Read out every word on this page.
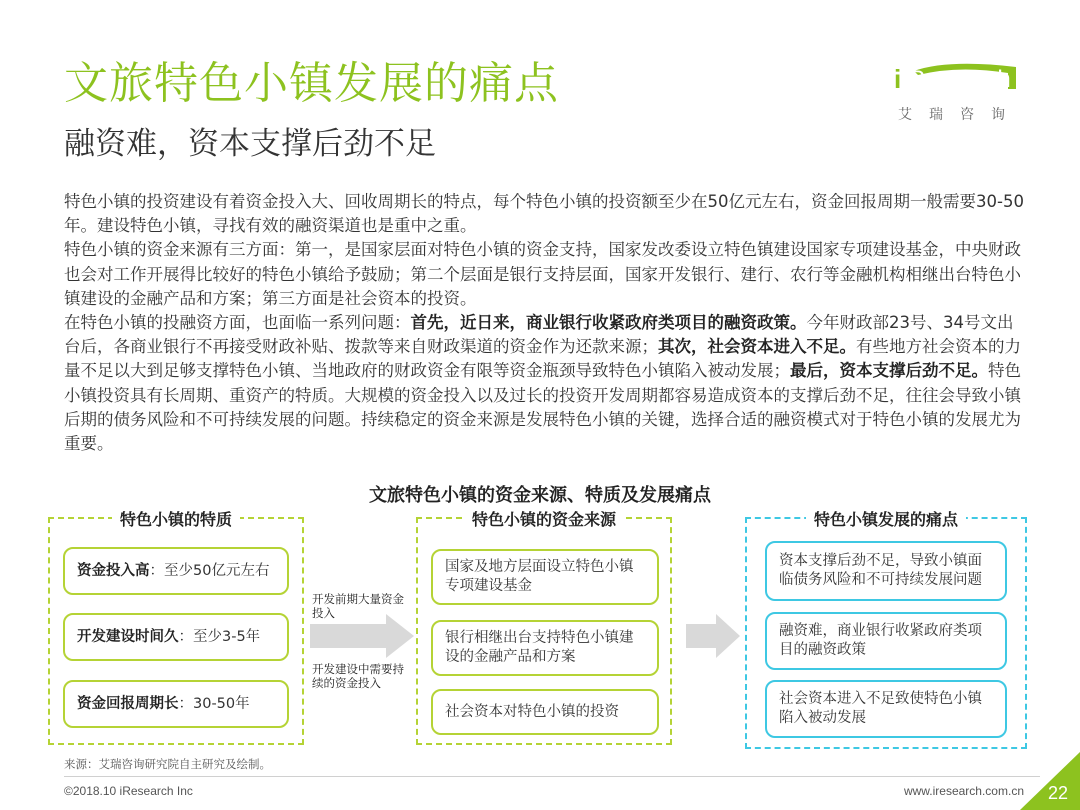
文旅特色小镇发展的痛点
融资难，资本支撑后劲不足
i Research
艾瑞咨询

特色小镇的投资建设有着资金投入大、回收周期长的特点，每个特色小镇的投资额至少在50亿元左右，资金回报周期一般需要30-50年。建设特色小镇，寻找有效的融资渠道也是重中之重。

特色小镇的资金来源有三方面：第一，是国家层面对特色小镇的资金支持，国家发改委设立特色镇建设国家专项建设基金，中央财政也会对工作开展得比较好的特色小镇给予鼓励；第二个层面是银行支持层面，国家开发银行、建行、农行等金融机构相继出台特色小镇建设的金融产品和方案；第三方面是社会资本的投资。

在特色小镇的投融资方面，也面临一系列问题：首先，近日来，商业银行收紧政府类项目的融资政策。今年财政部23号、34号文出台后，各商业银行不再接受财政补贴、拨款等来自财政渠道的资金作为还款来源；其次，社会资本进入不足。有些地方社会资本的力量不足以大到足够支撑特色小镇、当地政府的财政资金有限等资金瓶颈导致特色小镇陷入被动发展；最后，资本支撑后劲不足。特色小镇投资具有长周期、重资产的特质。大规模的资金投入以及过长的投资开发周期都容易造成资本的支撑后劲不足，往往会导致小镇后期的债务风险和不可持续发展的问题。持续稳定的资金来源是发展特色小镇的关键，选择合适的融资模式对于特色小镇的发展尤为重要。

文旅特色小镇的资金来源、特质及发展痛点
特色小镇的特质
资金投入高 ：至少50亿元左右
开发建设时间久 ：至少3-5年
资金回报周期长 ：30-50年
开发前期大量资金投入
开发建设中需要持续的资金投入
特色小镇的资金来源
国家及地方层面设立特色小镇专项建设基金
银行相继出台支持特色小镇建设的金融产品和方案
社会资本对特色小镇的投资
特色小镇发展的痛点
资本支撑后劲不足，导致小镇面临债务风险和不可持续发展问题
融资难，商业银行收紧政府类项目的融资政策
社会资本进入不足致使特色小镇陷入被动发展
来源：艾瑞咨询研究院自主研究及绘制。
©2018.10 iResearch Inc	www.iresearch.com.cn 22
